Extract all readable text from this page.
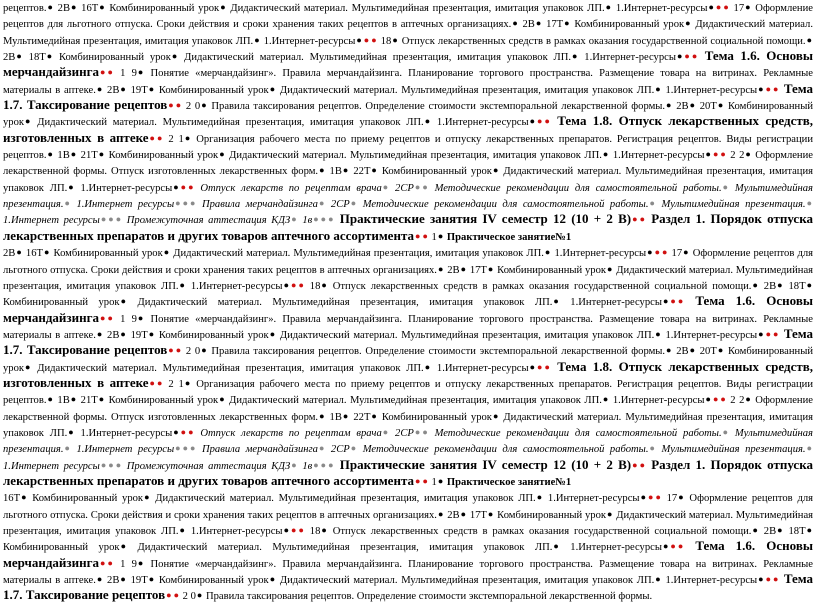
рецептов.● 2В● 16Т● Комбинированный урок● Дидактический материал. Мультимедийная презентация, имитация упаковок ЛП.● 1.Интернет-ресурсы● ● ● 17● Оформление рецептов для льготного отпуска. Сроки действия и сроки хранения таких рецептов в аптечных организациях.● 2В● 17Т● Комбинированный урок● Дидактический материал. Мультимедийная презентация, имитация упаковок ЛП.● 1.Интернет-ресурсы● ● ● 18● Отпуск лекарственных средств в рамках оказания государственной социальной помощи.● 2В● 18Т● Комбинированный урок● Дидактический материал. Мультимедийная презентация, имитация упаковок ЛП.● 1.Интернет-ресурсы● ● ● Тема 1.6. Основы мерчандайзинга● ● 1 9● Понятие «мерчандайзинг». Правила мерчандайзинга. Планирование торгового пространства. Размещение товара на витринах. Рекламные материалы в аптеке.● 2В● 19Т● Комбинированный урок● Дидактический материал. Мультимедийная презентация, имитация упаковок ЛП.● 1.Интернет-ресурсы● ● ● Тема 1.7. Таксирование рецептов● ● 2 0● Правила таксирования рецептов. Определение стоимости экстемпоральной лекарственной формы.● 2В● 20Т● Комбинированный урок● Дидактический материал. Мультимедийная презентация, имитация упаковок ЛП.● 1.Интернет-ресурсы● ● ● Тема 1.8. Отпуск лекарственных средств, изготовленных в аптеке● ● 2 1● Организация рабочего места по приему рецептов и отпуску лекарственных препаратов. Регистрация рецептов. Виды регистрации рецептов.● 1В● 21Т● Комбинированный урок● Дидактический материал. Мультимедийная презентация, имитация упаковок ЛП.● 1.Интернет-ресурсы● ● ● 2 2● Оформление лекарственной формы. Отпуск изготовленных лекарственных форм.● 1В● 22Т● Комбинированный урок● Дидактический материал. Мультимедийная презентация, имитация упаковок ЛП.● 1.Интернет-ресурсы● ● ● Отпуск лекарств по рецептам врача● 2СР● ● Методические рекомендации для самостоятельной работы.● Мультимедийная презентация.● 1.Интернет ресурсы● ● ● Правила мерчандайзинга● 2СР● Методические рекомендации для самостоятельной работы.● Мультимедийная презентация.● 1.Интернет ресурсы● ● ● Промежуточная аттестация КДЗ● 1в● ● ● Практические занятия IV семестр 12 (10 + 2 В)● ● Раздел 1. Порядок отпуска лекарственных препаратов и других товаров аптечного ассортимента● ● 1● Практическое занятие№1

2В● 16Т● Комбинированный урок● Дидактический материал. Мультимедийная презентация, имитация упаковок ЛП.● 1.Интернет-ресурсы● ● ● 17● Оформление рецептов для льготного отпуска. Сроки действия и сроки хранения таких рецептов в аптечных организациях.● 2В● 17Т● Комбинированный урок● Дидактический материал. Мультимедийная презентация, имитация упаковок ЛП.● 1.Интернет-ресурсы● ● ● 18● Отпуск лекарственных средств в рамках оказания государственной социальной помощи.● 2В● 18Т● Комбинированный урок● Дидактический материал. Мультимедийная презентация, имитация упаковок ЛП.● 1.Интернет-ресурсы● ● ● Тема 1.6. Основы мерчандайзинга● ● 1 9● Понятие «мерчандайзинг». Правила мерчандайзинга. Планирование торгового пространства. Размещение товара на витринах. Рекламные материалы в аптеке.● 2В● 19Т● Комбинированный урок● Дидактический материал. Мультимедийная презентация, имитация упаковок ЛП.● 1.Интернет-ресурсы● ● ● Тема 1.7. Таксирование рецептов● ● 2 0● Правила таксирования рецептов. Определение стоимости экстемпоральной лекарственной формы.● 2В● 20Т● Комбинированный урок● Дидактический материал. Мультимедийная презентация, имитация упаковок ЛП.● 1.Интернет-ресурсы● ● ● Тема 1.8. Отпуск лекарственных средств, изготовленных в аптеке● ● 2 1● Организация рабочего места по приему рецептов и отпуску лекарственных препаратов. Регистрация рецептов. Виды регистрации рецептов.● 1В● 21Т● Комбинированный урок● Дидактический материал. Мультимедийная презентация, имитация упаковок ЛП.● 1.Интернет-ресурсы● ● ● 2 2● Оформление лекарственной формы. Отпуск изготовленных лекарственных форм.● 1В● 22Т● Комбинированный урок● Дидактический материал. Мультимедийная презентация, имитация упаковок ЛП.● 1.Интернет-ресурсы● ● ● Отпуск лекарств по рецептам врача● 2СР● ● Методические рекомендации для самостоятельной работы.● Мультимедийная презентация.● 1.Интернет ресурсы● ● ● Правила мерчандайзинга● 2СР● Методические рекомендации для самостоятельной работы.● Мультимедийная презентация.● 1.Интернет ресурсы● ● ● Промежуточная аттестация КДЗ● 1в● ● ● Практические занятия IV семестр 12 (10 + 2 В)● ● Раздел 1. Порядок отпуска лекарственных препаратов и других товаров аптечного ассортимента● ● 1● Практическое занятие№1

16Т● Комбинированный урок● Дидактический материал. Мультимедийная презентация, имитация упаковок ЛП.● 1.Интернет-ресурсы● ● ● 17● Оформление рецептов для льготного отпуска. Сроки действия и сроки хранения таких рецептов в аптечных организациях.● 2В● 17Т● Комбинированный урок● Дидактический материал. Мультимедийная презентация, имитация упаковок ЛП.● 1.Интернет-ресурсы● ● ● 18● Отпуск лекарственных средств в рамках оказания государственной социальной помощи.● 2В● 18Т● Комбинированный урок● Дидактический материал. Мультимедийная презентация, имитация упаковок ЛП.● 1.Интернет-ресурсы● ● ● Тема 1.6. Основы мерчандайзинга● ● 1 9● Понятие «мерчандайзинг». Правила мерчандайзинга. Планирование торгового пространства. Размещение товара на витринах. Рекламные материалы в аптеке.● 2В● 19Т● Комбинированный урок● Дидактический материал. Мультимедийная презентация, имитация упаковок ЛП.● 1.Интернет-ресурсы● ● ● Тема 1.7. Таксирование рецептов● ● 2 0● Правила таксирования рецептов. Определение стоимости экстемпоральной лекарственной формы.
